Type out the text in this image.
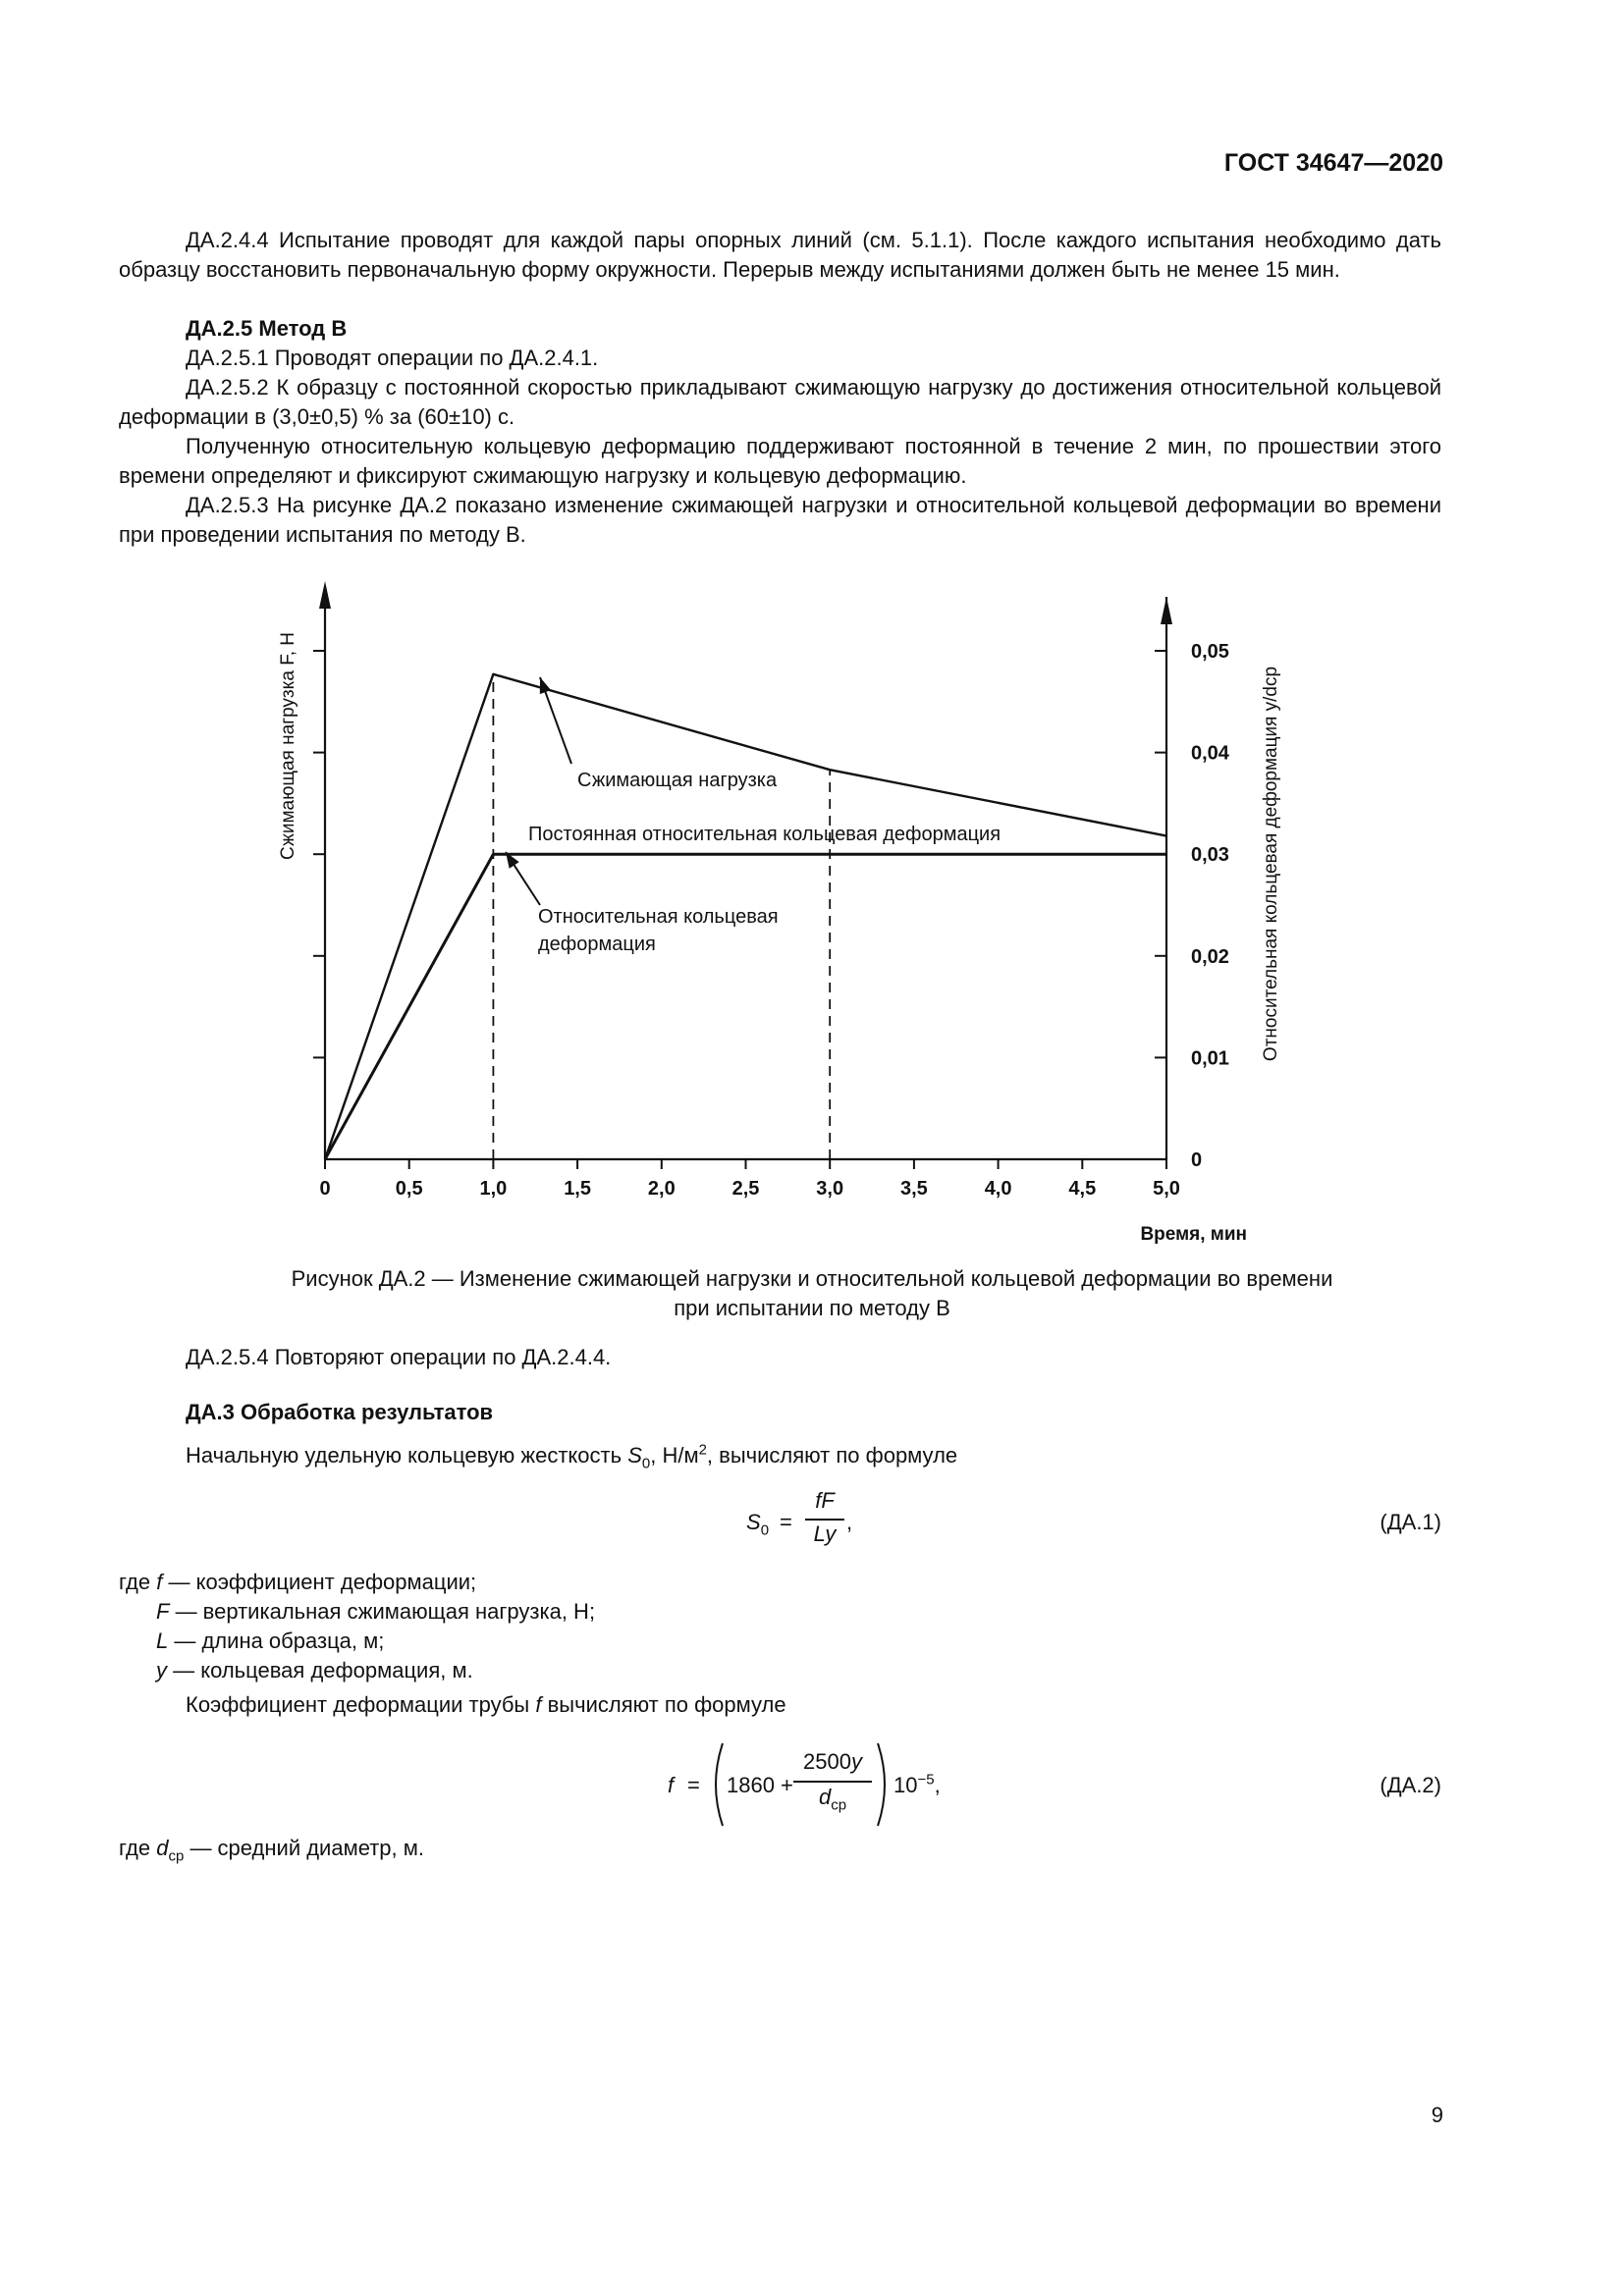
ГОСТ 34647—2020
ДА.2.4.4 Испытание проводят для каждой пары опорных линий (см. 5.1.1). После каждого испытания необходимо дать образцу восстановить первоначальную форму окружности. Перерыв между испытаниями должен быть не менее 15 мин.
ДА.2.5 Метод В
ДА.2.5.1 Проводят операции по ДА.2.4.1.
ДА.2.5.2 К образцу с постоянной скоростью прикладывают сжимающую нагрузку до достижения относительной кольцевой деформации в (3,0±0,5) % за (60±10) с.
Полученную относительную кольцевую деформацию поддерживают постоянной в течение 2 мин, по прошествии этого времени определяют и фиксируют сжимающую нагрузку и кольцевую деформацию.
ДА.2.5.3 На рисунке ДА.2 показано изменение сжимающей нагрузки и относительной кольцевой деформации во времени при проведении испытания по методу В.
0	0,5	1,0	1,5	2,0	2,5	3,0	3,5	4,0	4,5	5,0
0
0,01
0,02
0,03
0,04
0,05
Сжимающая нагрузка
Постоянная относительная кольцевая деформация
Относительная кольцевая
деформация
Время, мин
Сжимающая нагрузка F, Н	Относительная кольцевая деформация y/dср
Рисунок ДА.2 — Изменение сжимающей нагрузки и относительной кольцевой деформации во времени
при испытании по методу В
ДА.2.5.4 Повторяют операции по ДА.2.4.4.
ДА.3 Обработка результатов
Начальную удельную кольцевую жесткость $S_0$, $Н/м^2$, вычисляют по формуле
$S_0$ =
fF
Ly ,	(ДА.1)
где f — коэффициент деформации;
F — вертикальная сжимающая нагрузка, Н;
L — длина образца, м;
y — кольцевая деформация, м.
Коэффициент деформации трубы f вычисляют по формуле
f = 1860 +
2500y
$d_{ср}$
$10^{-5}$,	(ДА.2)
где $d_{ср}$ — средний диаметр, м.
9
